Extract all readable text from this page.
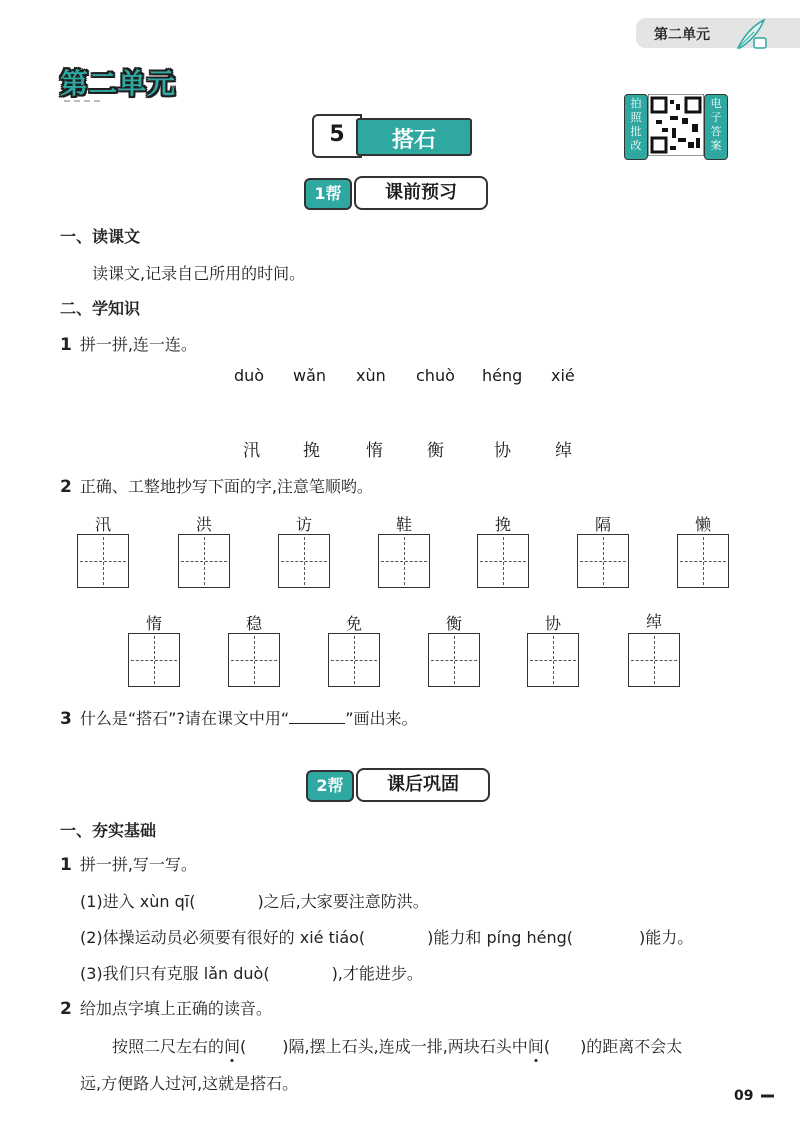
第二单元
第二单元
5	搭石
拍
照
批
改
电
子
答
案
1帮	课前预习
一、读课文
读课文,记录自己所用的时间。
二、学知识
1 拼一拼,连一连。
duò wǎn xùn chuò héng xié
汛	挽	惰	衡	协	绰
2 正确、工整地抄写下面的字,注意笔顺哟。
汛	洪	访	鞋	挽	隔	懒
惰	稳	免	衡	协	绰
3 什么是“搭石”?请在课文中用“	”画出来。
2帮	课后巩固
一、夯实基础
1 拼一拼,写一写。
(1)进入 xùn qī(	)之后,大家要注意防洪。
(2)体操运动员必须要有很好的 xié tiáo(	)能力和 píng héng(	)能力。
(3)我们只有克服 lǎn duò(	),才能进步。
2 给加点字填上正确的读音。
按照二尺左右的间( )隔,摆上石头,连成一排,两块石头中间( )的距离不会太
远,方便路人过河,这就是搭石。
09
